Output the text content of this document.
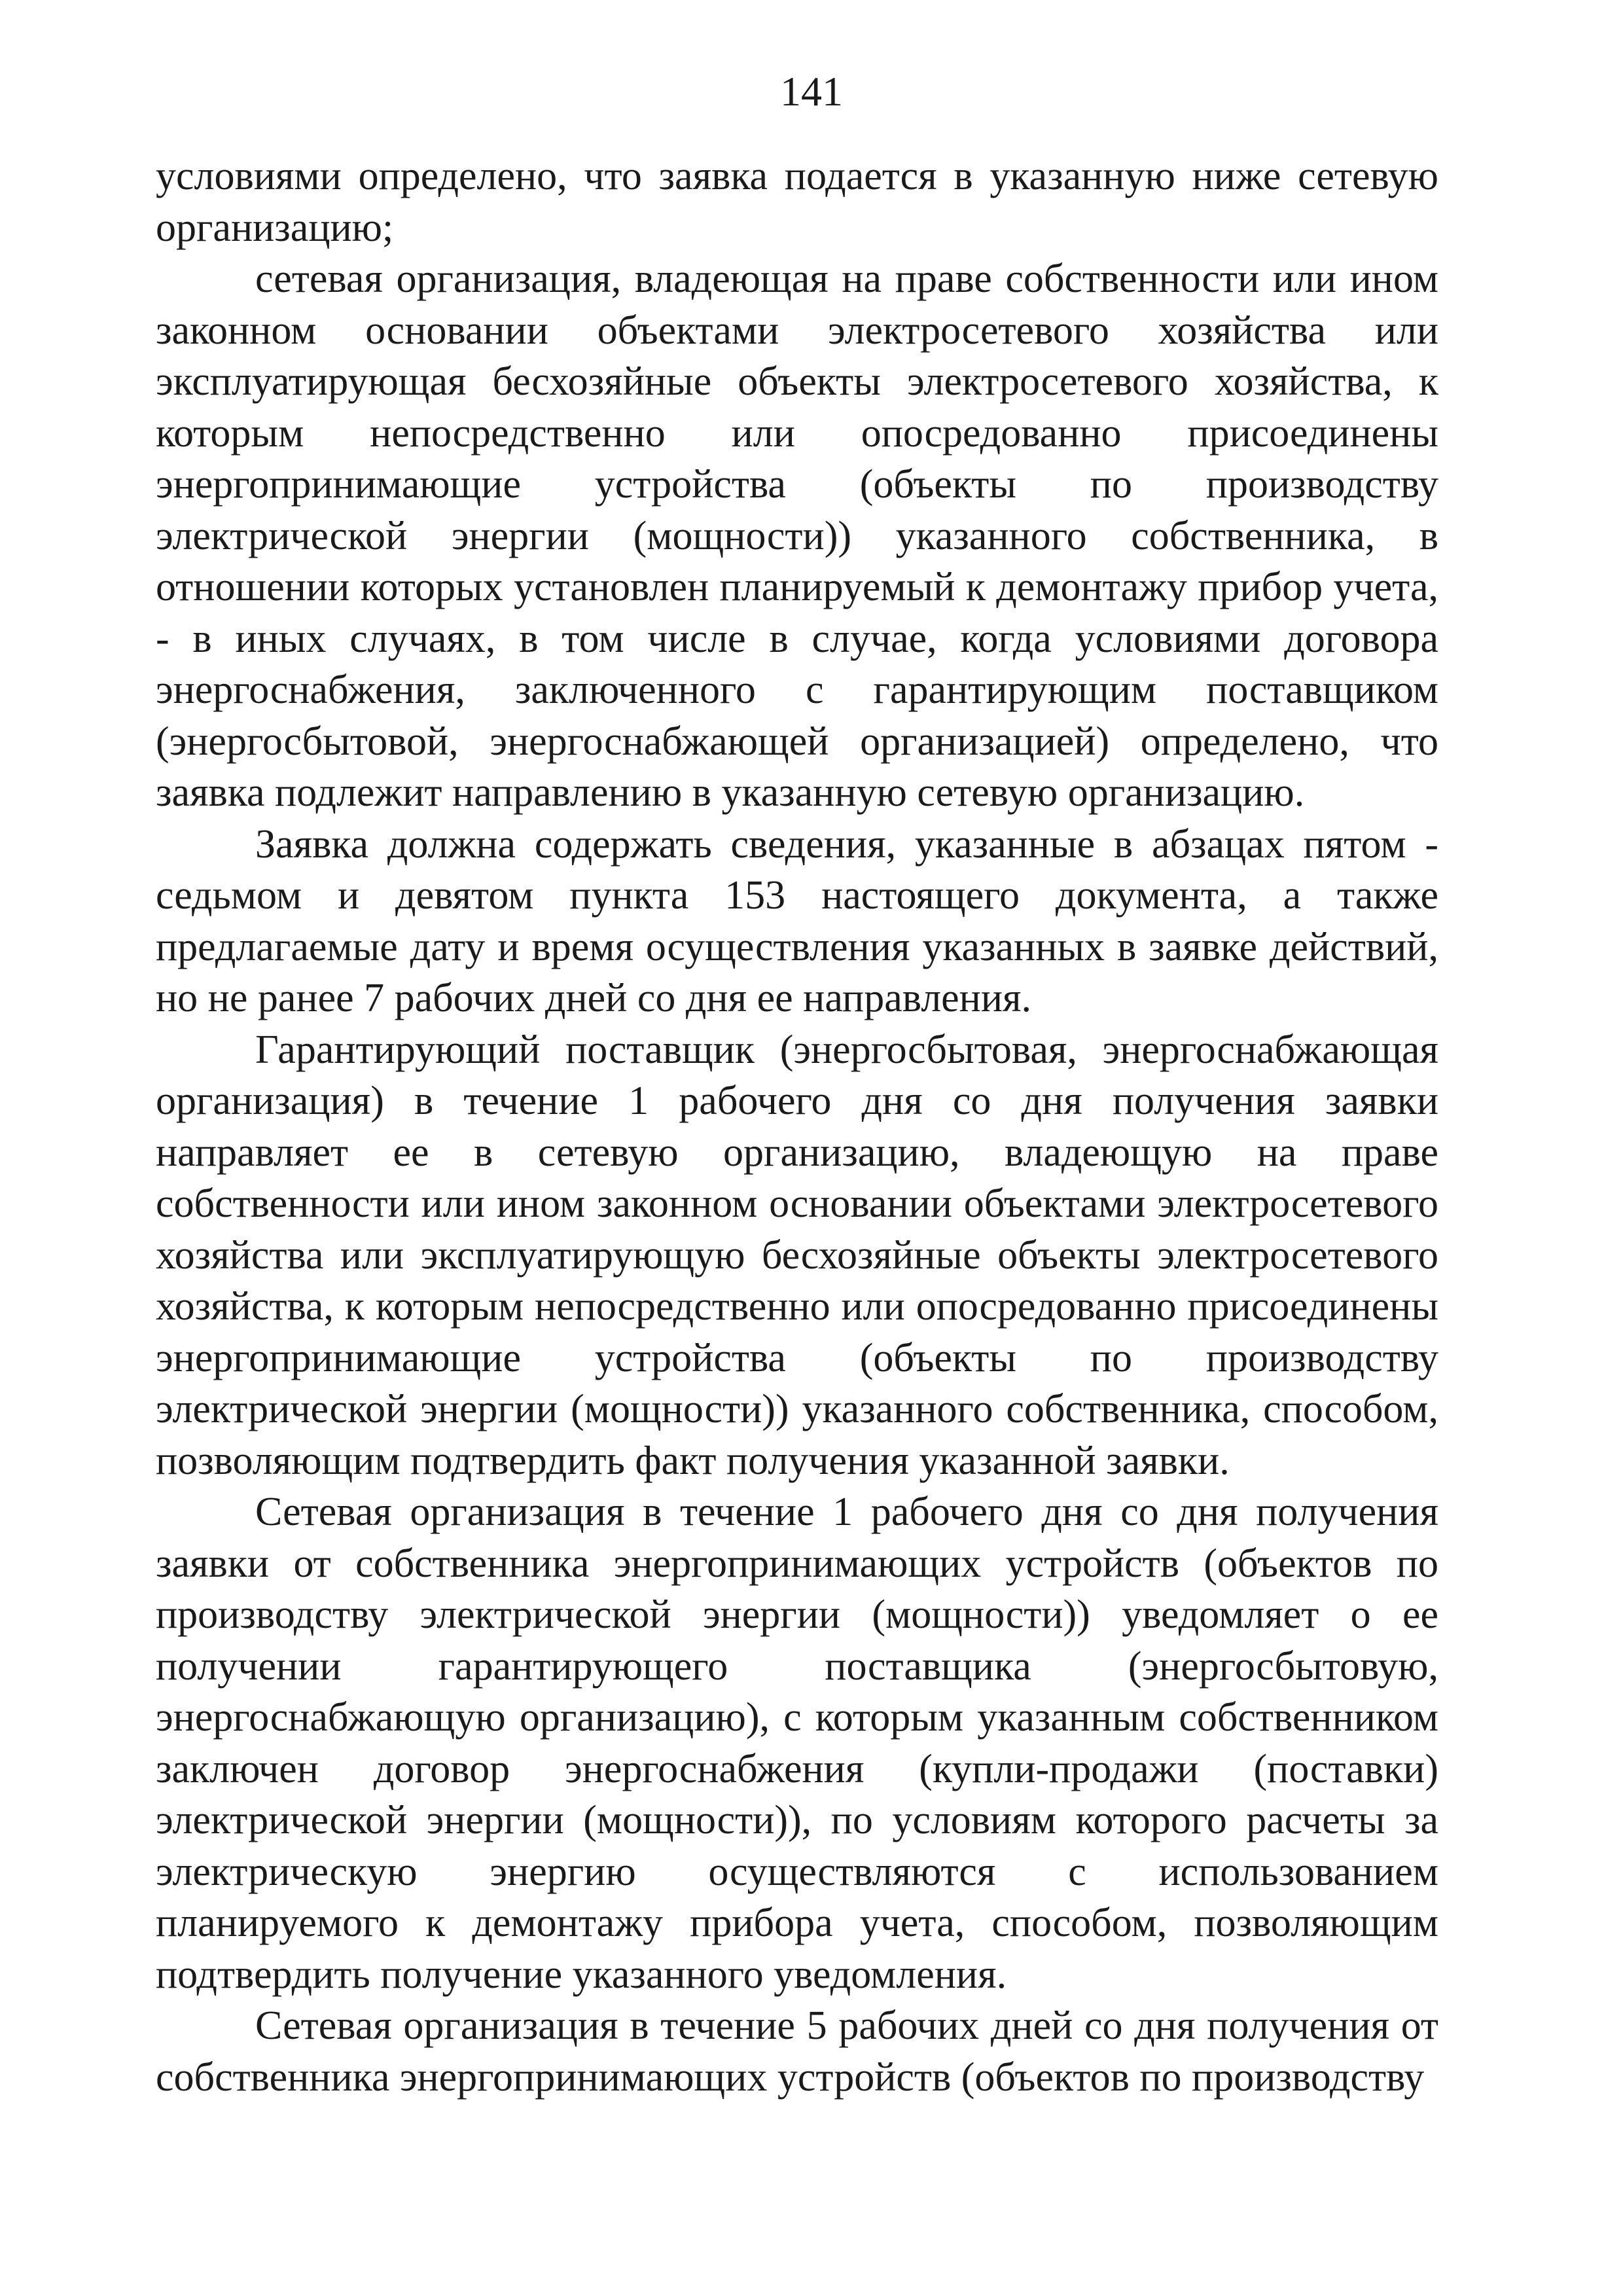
141

условиями определено, что заявка подается в указанную ниже сетевую организацию;

сетевая организация, владеющая на праве собственности или ином законном основании объектами электросетевого хозяйства или эксплуатирующая бесхозяйные объекты электросетевого хозяйства, к которым непосредственно или опосредованно присоединены энергопринимающие устройства (объекты по производству электрической энергии (мощности)) указанного собственника, в отношении которых установлен планируемый к демонтажу прибор учета, - в иных случаях, в том числе в случае, когда условиями договора энергоснабжения, заключенного с гарантирующим поставщиком (энергосбытовой, энергоснабжающей организацией) определено, что заявка подлежит направлению в указанную сетевую организацию.

Заявка должна содержать сведения, указанные в абзацах пятом - седьмом и девятом пункта 153 настоящего документа, а также предлагаемые дату и время осуществления указанных в заявке действий, но не ранее 7 рабочих дней со дня ее направления.

Гарантирующий поставщик (энергосбытовая, энергоснабжающая организация) в течение 1 рабочего дня со дня получения заявки направляет ее в сетевую организацию, владеющую на праве собственности или ином законном основании объектами электросетевого хозяйства или эксплуатирующую бесхозяйные объекты электросетевого хозяйства, к которым непосредственно или опосредованно присоединены энергопринимающие устройства (объекты по производству электрической энергии (мощности)) указанного собственника, способом, позволяющим подтвердить факт получения указанной заявки.

Сетевая организация в течение 1 рабочего дня со дня получения заявки от собственника энергопринимающих устройств (объектов по производству электрической энергии (мощности)) уведомляет о ее получении гарантирующего поставщика (энергосбытовую, энергоснабжающую организацию), с которым указанным собственником заключен договор энергоснабжения (купли-продажи (поставки) электрической энергии (мощности)), по условиям которого расчеты за электрическую энергию осуществляются с использованием планируемого к демонтажу прибора учета, способом, позволяющим подтвердить получение указанного уведомления.

Сетевая организация в течение 5 рабочих дней со дня получения от собственника энергопринимающих устройств (объектов по производству
